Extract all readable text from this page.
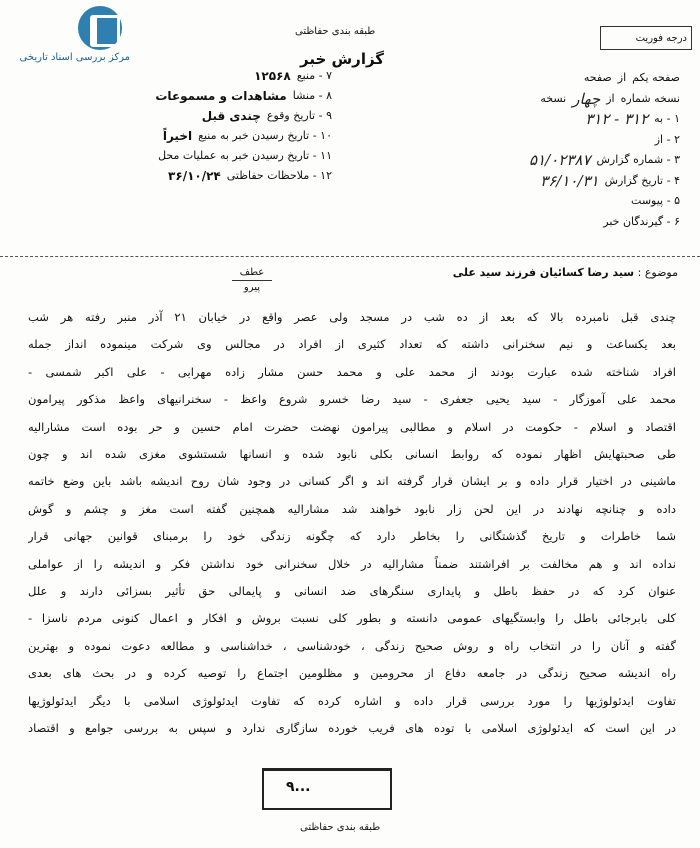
مرکز بررسی اسناد تاریخی
طبقه بندی حفاظتی
گزارش خبر
درجه فوریت
صفحه یکم
از
صفحه
نسخه شماره
از
چهار
نسخه
۱ - به
۳۱۲ - ۳۱۲
۲ - از
۳ - شماره گزارش
۵۱/۰۲۳۸۷
۴ - تاریخ گزارش
۳۶/۱۰/۳۱
۵ - پیوست
۶ - گیرندگان خبر
۷ - منبع
۱۲۵۶۸
۸ - منشا
مشاهدات و مسموعات
۹ - تاریخ وقوع
چندی قبل
۱۰ - تاریخ رسیدن خبر به منبع
اخیراً
۱۱ - تاریخ رسیدن خبر به عملیات محل
۱۲ - ملاحظات حفاظتی
۳۶/۱۰/۲۴
موضوع : سید رضا کسائیان فرزند سید علی
عطف
پیرو
چندی قبل نامبرده بالا که بعد از ده شب در مسجد ولی عصر واقع در خیابان ۲۱ آذر منبر رفته هر شب
بعد یکساعت و نیم سخنرانی داشته که تعداد کثیری از افراد در مجالس وی شرکت مینموده انداز جمله
افراد شناخته شده عبارت بودند از محمد علی و محمد حسن مشار زاده مهرابی - علی اکبر شمسی -
محمد علی آموزگار - سید یحیی جعفری - سید رضا خسرو شروع واعظ - سخنرانیهای واعظ مذکور پیرامون
اقتصاد و اسلام - حکومت در اسلام و مطالبی پیرامون نهضت حضرت امام حسین و حر بوده است مشارالیه
طی صحبتهایش اظهار نموده که روابط انسانی بکلی نابود شده و انسانها شستشوی مغزی شده اند و چون
ماشینی در اختیار قرار داده و بر ایشان قرار گرفته اند و اگر کسانی در وجود شان روح اندیشه باشد باین وضع خاتمه
داده و چنانچه نهادند در این لحن زار نابود خواهند شد مشارالیه همچنین گفته است مغز و چشم و گوش
شما خاطرات و تاریخ گذشتگانی را بخاطر دارد که چگونه زندگی خود را برمبنای قوانین جهانی قرار
نداده اند و هم مخالفت بر افراشتند ضمناً مشارالیه در خلال سخنرانی خود نداشتن فکر و اندیشه را از عواملی
عنوان کرد که در حفظ باطل و پایداری سنگرهای ضد انسانی و پایمالی حق تأثیر بسزائی دارند و علل
کلی بابرجائی باطل را وابستگیهای عمومی دانسته و بطور کلی نسبت بروش و افکار و اعمال کنونی مردم ناسزا -
گفته و آنان را در انتخاب راه و روش صحیح زندگی ، خودشناسی ، خداشناسی و مطالعه دعوت نموده و بهترین
راه اندیشه صحیح زندگی در جامعه دفاع از محرومین و مظلومین اجتماع را توصیه کرده و در بحث های بعدی
تفاوت ایدئولوژیها را مورد بررسی قرار داده و اشاره کرده که تفاوت ایدئولوژی اسلامی با دیگر ایدئولوژیها
در این است که ایدئولوژی اسلامی با توده های فریب خورده سازگاری ندارد و سپس به بررسی جوامع و اقتصاد
۹...
طبقه بندی حفاظتی
